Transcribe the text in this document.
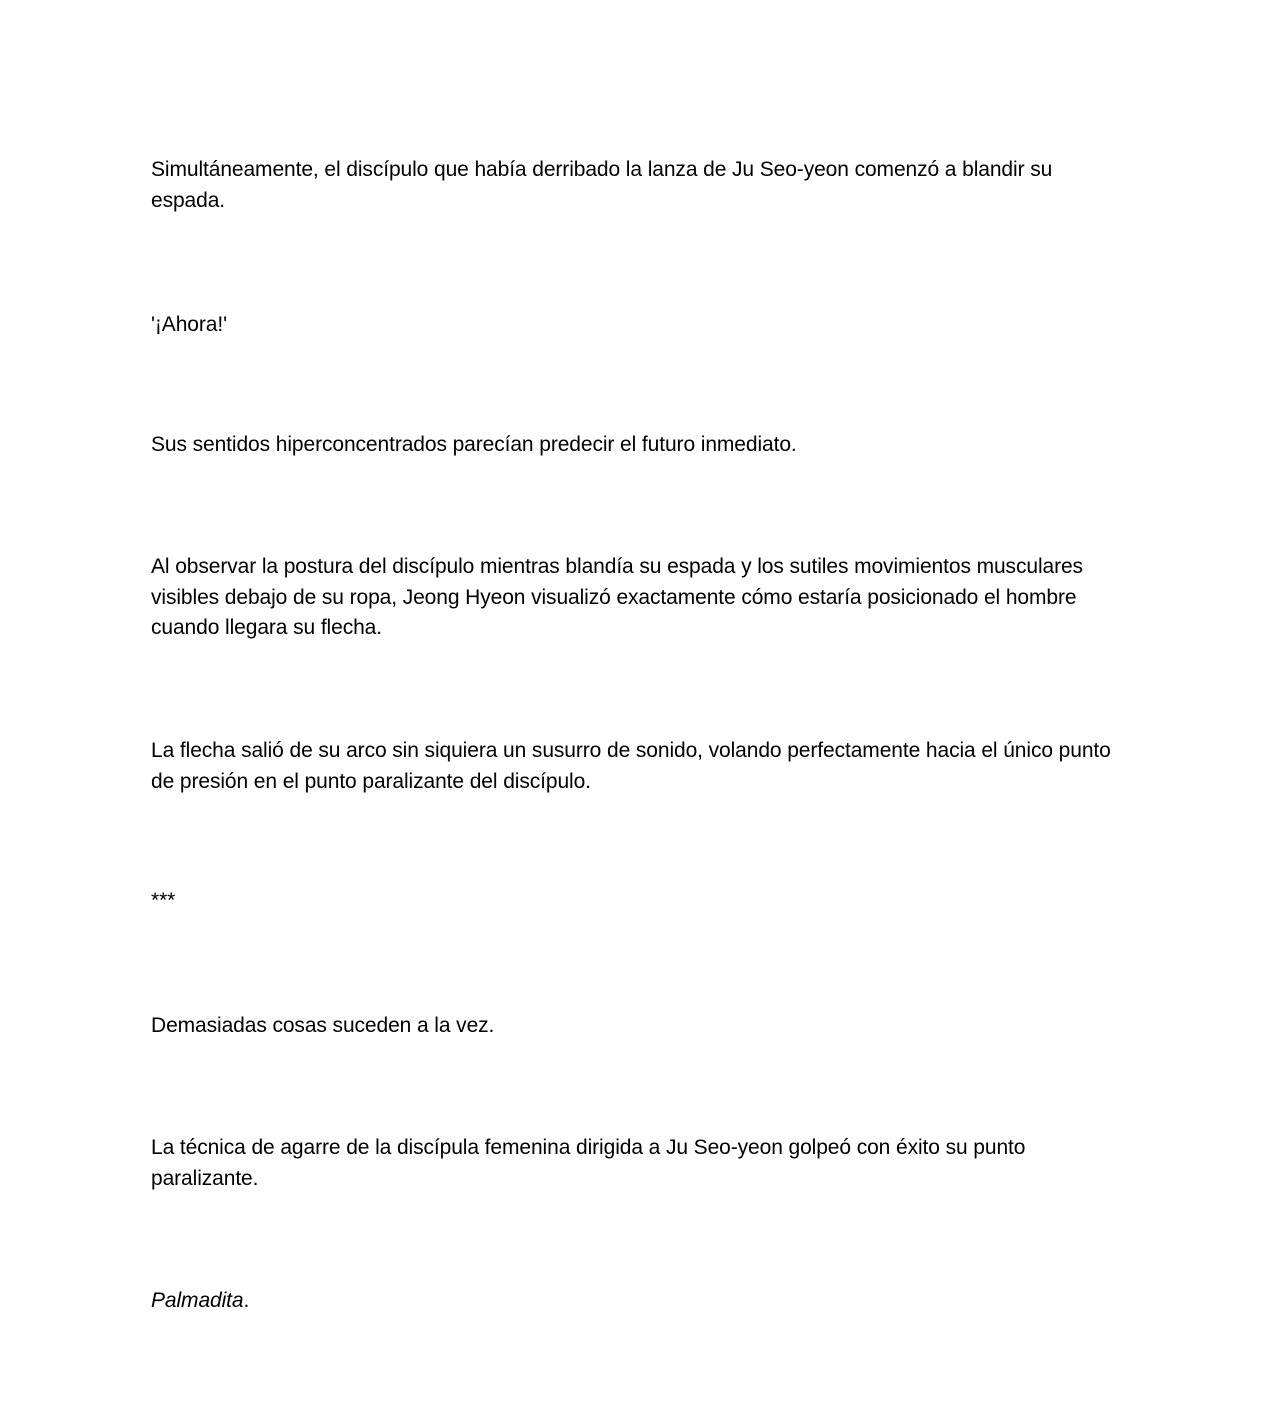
Simultáneamente, el discípulo que había derribado la lanza de Ju Seo-yeon comenzó a blandir su espada.

'¡Ahora!'

Sus sentidos hiperconcentrados parecían predecir el futuro inmediato.

Al observar la postura del discípulo mientras blandía su espada y los sutiles movimientos musculares visibles debajo de su ropa, Jeong Hyeon visualizó exactamente cómo estaría posicionado el hombre cuando llegara su flecha.

La flecha salió de su arco sin siquiera un susurro de sonido, volando perfectamente hacia el único punto de presión en el punto paralizante del discípulo.

***

Demasiadas cosas suceden a la vez.

La técnica de agarre de la discípula femenina dirigida a Ju Seo-yeon golpeó con éxito su punto paralizante.

Palmadita.
